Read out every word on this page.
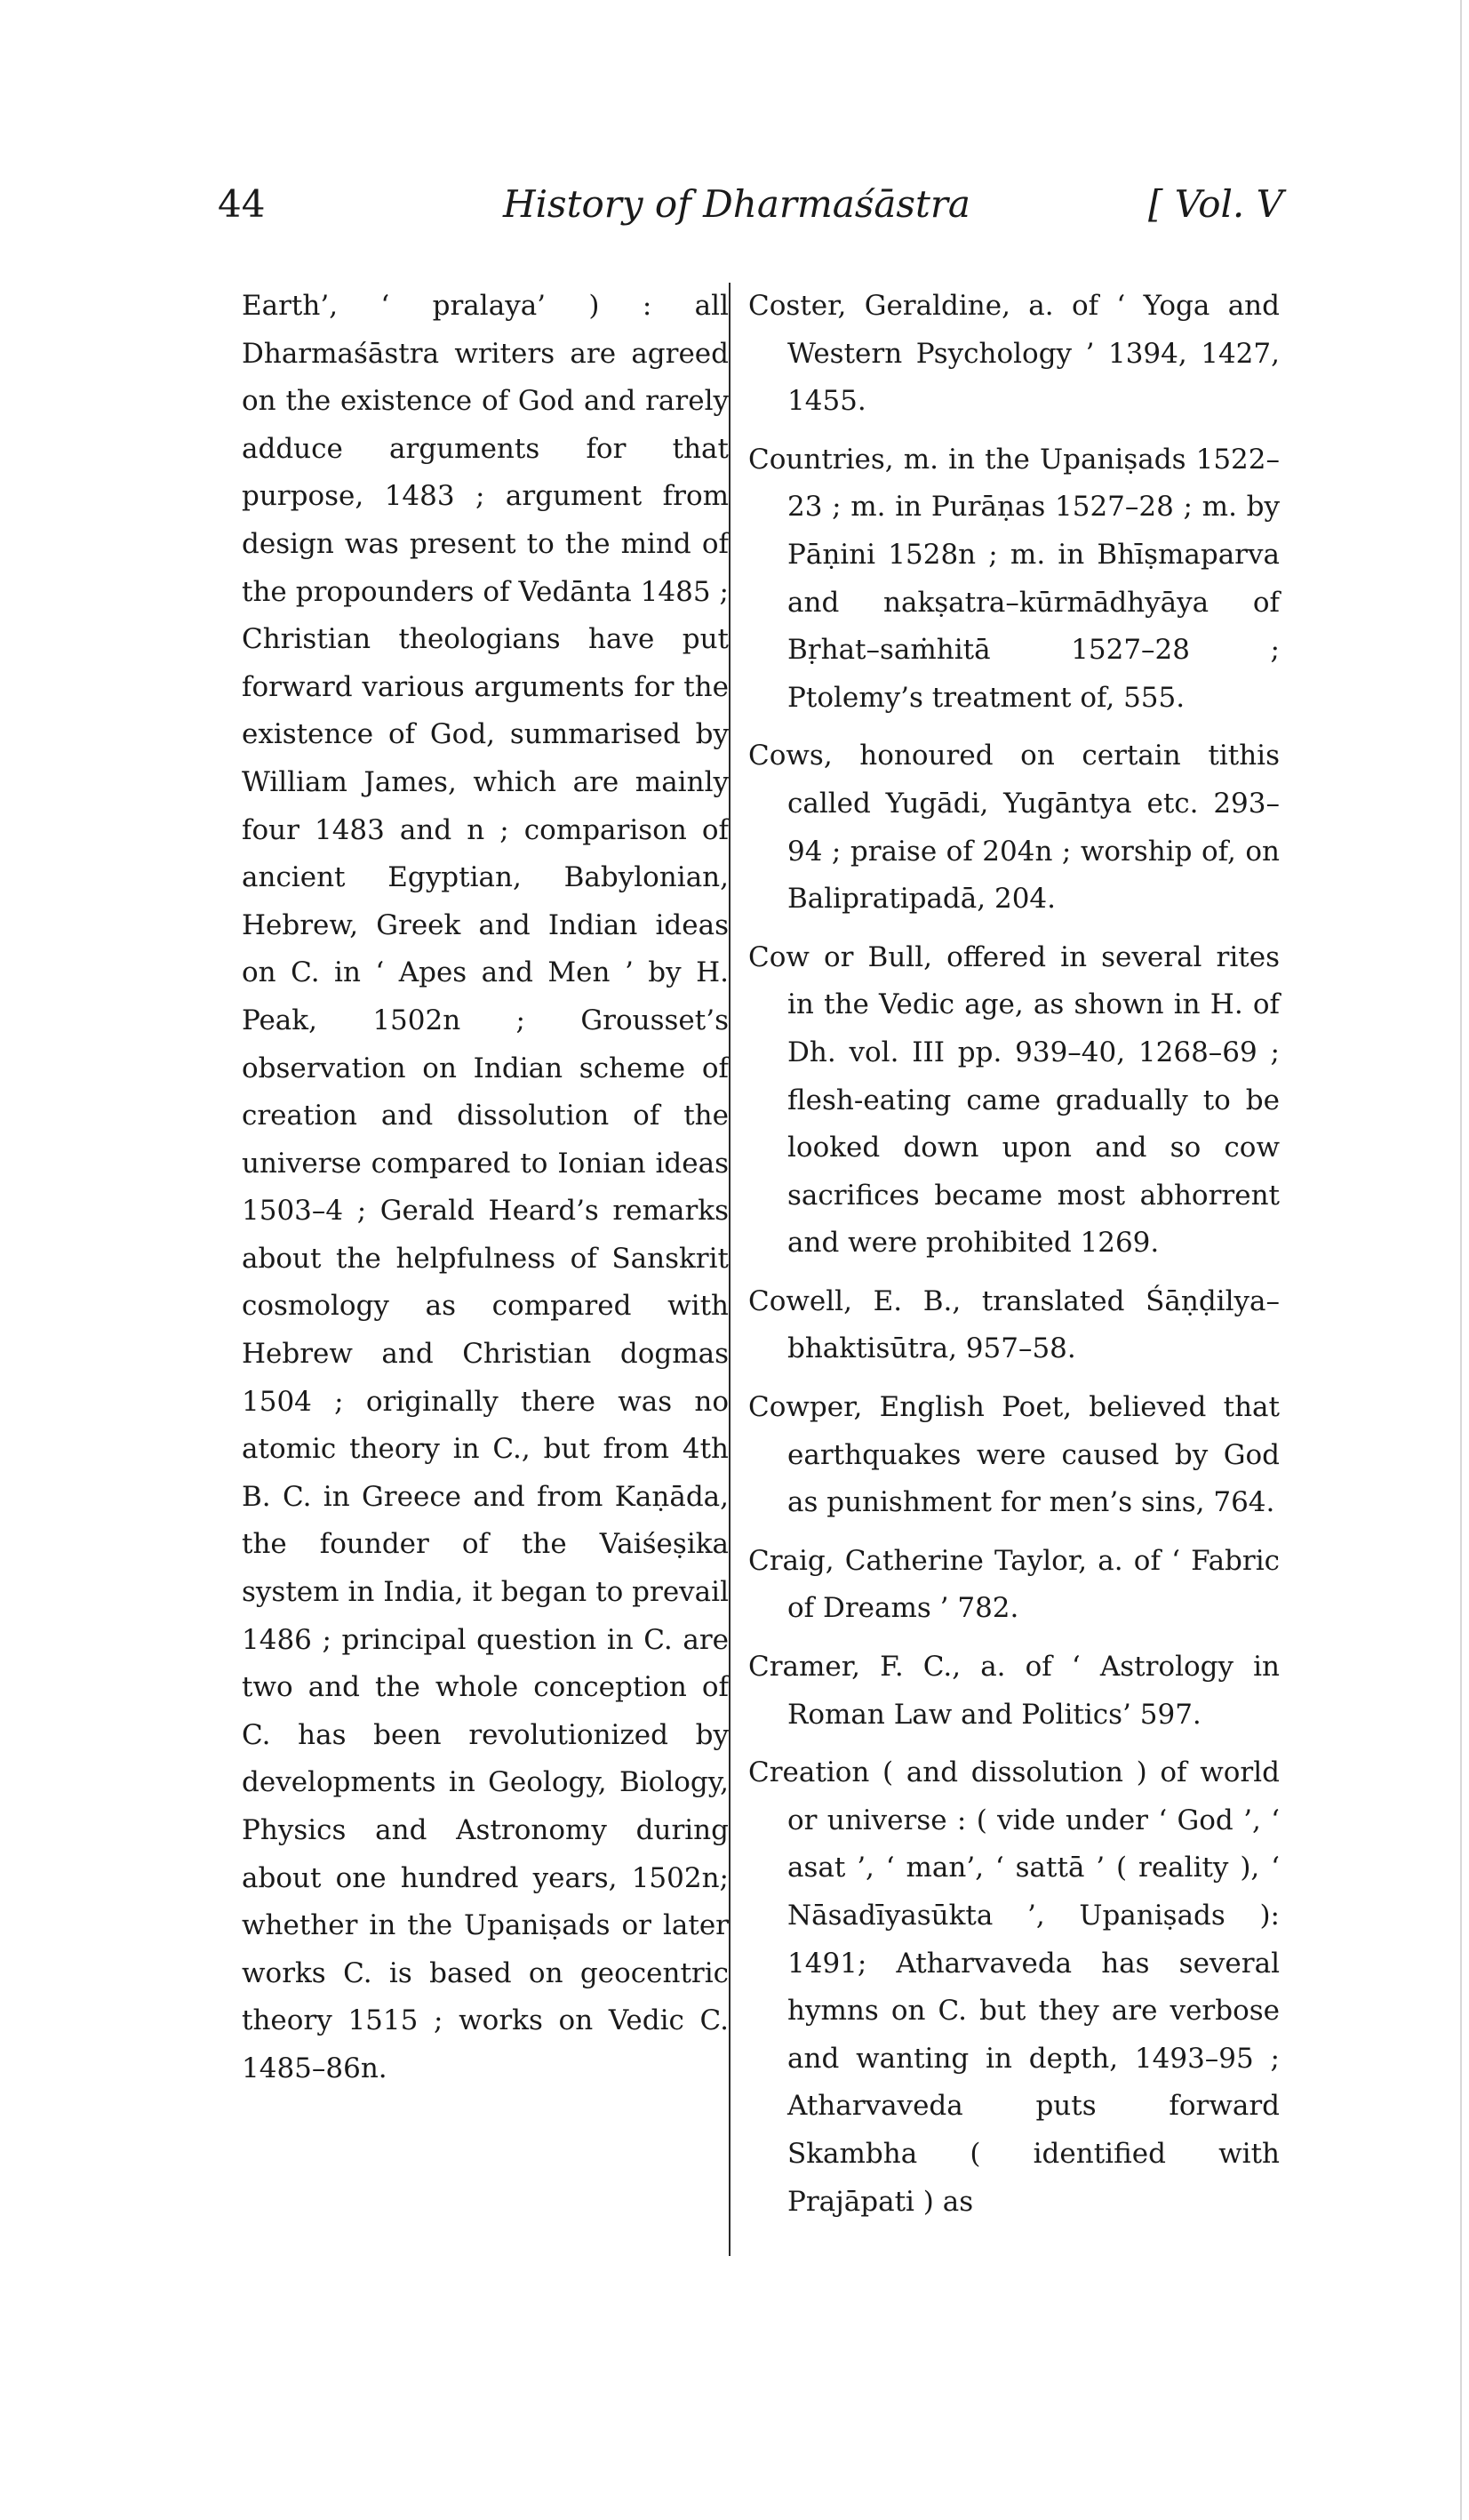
44	History of Dharmaśāstra	[ Vol. V
Earth’, ‘ pralaya’ ) : all Dharmaśāstra writers are agreed on the existence of God and rarely adduce arguments for that purpose, 1483 ; argument from design was present to the mind of the propounders of Vedānta 1485 ; Christian theologians have put forward various arguments for the existence of God, summarised by William James, which are mainly four 1483 and n ; comparison of ancient Egyptian, Babylonian, Hebrew, Greek and Indian ideas on C. in ‘ Apes and Men ’ by H. Peak, 1502n ; Grousset’s observation on Indian scheme of creation and dissolution of the universe compared to Ionian ideas 1503–4 ; Gerald Heard’s remarks about the helpfulness of Sanskrit cosmology as compared with Hebrew and Christian dogmas 1504 ; originally there was no atomic theory in C., but from 4th B. C. in Greece and from Kaṇāda, the founder of the Vaiśeṣika system in India, it began to prevail 1486 ; principal question in C. are two and the whole conception of C. has been revolutionized by developments in Geology, Biology, Physics and Astronomy during about one hundred years, 1502n; whether in the Upaniṣads or later works C. is based on geocentric theory 1515 ; works on Vedic C. 1485–86n.

Coster, Geraldine, a. of ‘ Yoga and Western Psychology ’ 1394, 1427, 1455.

Countries, m. in the Upaniṣads 1522–23 ; m. in Purāṇas 1527–28 ; m. by Pāṇini 1528n ; m. in Bhīṣmaparva and nakṣatra–kūrmādhyāya of Bṛhat–saṁhitā 1527–28 ; Ptolemy’s treatment of, 555.

Cows, honoured on certain tithis called Yugādi, Yugāntya etc. 293–94 ; praise of 204n ; worship of, on Balipratipadā, 204.

Cow or Bull, offered in several rites in the Vedic age, as shown in H. of Dh. vol. III pp. 939–40, 1268–69 ; flesh-eating came gradually to be looked down upon and so cow sacrifices became most abhorrent and were prohibited 1269.

Cowell, E. B., translated Śāṇḍilya–bhaktisūtra, 957–58.

Cowper, English Poet, believed that earthquakes were caused by God as punishment for men’s sins, 764.

Craig, Catherine Taylor, a. of ‘ Fabric of Dreams ’ 782.

Cramer, F. C., a. of ‘ Astrology in Roman Law and Politics’ 597.

Creation ( and dissolution ) of world or universe : ( vide under ‘ God ’, ‘ asat ’, ‘ man’, ‘ sattā ’ ( reality ), ‘ Nāsadīyasūkta ’, Upaniṣads ): 1491; Atharvaveda has several hymns on C. but they are verbose and wanting in depth, 1493–95 ; Atharvaveda puts forward Skambha ( identified with Prajāpati ) as
